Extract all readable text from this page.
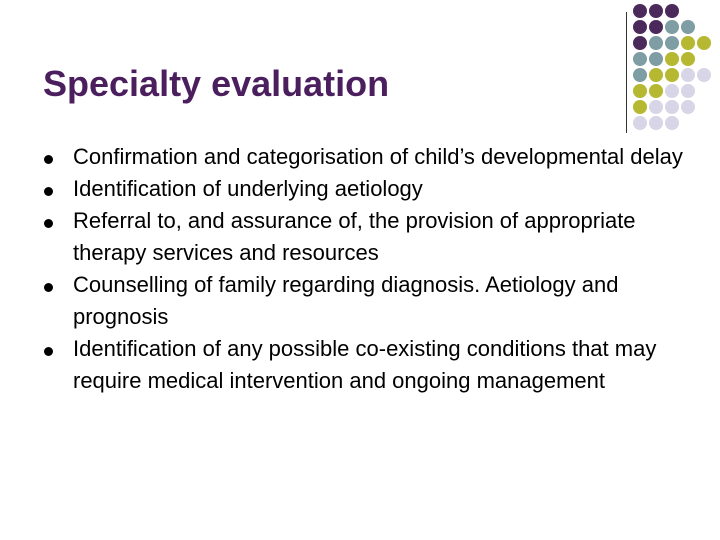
Specialty evaluation
Confirmation and categorisation of child’s developmental delay
Identification of underlying aetiology
Referral to, and assurance of, the provision of appropriate therapy services and resources
Counselling of family regarding diagnosis. Aetiology and prognosis
Identification of any possible co-existing conditions that may require medical intervention and ongoing management
